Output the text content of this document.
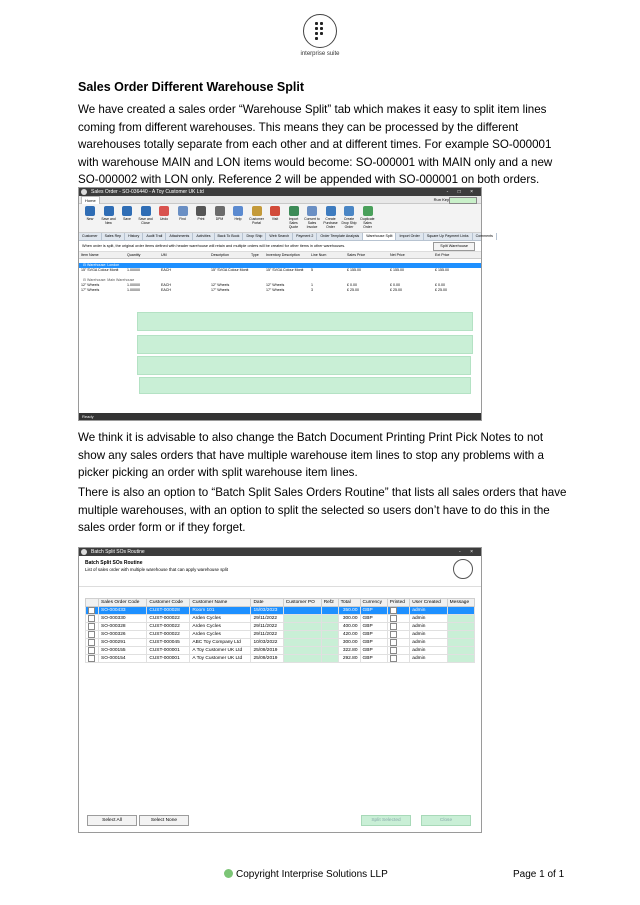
interprise suite
Sales Order Different Warehouse Split

We have created a sales order “Warehouse Split” tab which makes it easy to split item lines coming from different warehouses. This means they can be processed by the different warehouses totally separate from each other and at different times. For example SO-000001 with warehouse MAIN and LON items would become: SO-000001 with MAIN only and a new SO-000002 with LON only. Reference 2 will be appended with SO-000001 on both orders.

Sales Order - SO-036440 - A Toy Customer UK Ltd	- □ ×
Home	Run Key
New	Save and New
Save	Save and Close
Undo	Find	Print	DPM	Help	Customer Portal
Visit	Import Sales Quote
Convert to Sales Invoice
Create Purchase Order
Create Drop Ship Order
Duplicate Sales Order
Customer Sales Rep History Audit Trail Attachments Activities Back To Book Drop Ship Web Search Payment 2 Order Template Analysis Warehouse Split Import Order Square Up Payment Links Comments
When order is split, the original order items defined with header warehouse will retain and multiple orders will be created for other items in other warehouses.	Split Warehouse
Item Name	Quantity	UM	Description	Type Inventory Description	Line Num	Sales Price	Net Price	Ext Price
⊟ Warehouse: London
15" SVGA Colour Monit 1.00000	EACH	15" SVGA Colour Monit	15" SVGA Colour Monit 5	£ 155.00	£ 155.00	£ 155.00
⊟ Warehouse: Main Warehouse
12" Wheels	1.00000	EACH	12" Wheels	12" Wheels	1	£ 0.00	£ 0.00	£ 0.00
17" Wheels	1.00000	EACH	17" Wheels	17" Wheels	3	£ 25.00	£ 25.00	£ 25.00
Ready

We think it is advisable to also change the Batch Document Printing Print Pick Notes to not show any sales orders that have multiple warehouse item lines to stop any problems with a picker picking an order with split warehouse item lines.

There is also an option to “Batch Split Sales Orders Routine” that lists all sales orders that have multiple warehouses, with an option to split the selected so users don’t have to do this in the sales order form or if they forget.

Batch Split SOs Routine	- ×
Batch Split SOs Routine
List of sales order with multiple warehouse that can apply warehouse split
	Sales Order Code	Customer Code	Customer Name	Date	Customer PO	Ref2	Total	Currency	Printed	User Created	Message
	SO-000433	CUST-000028	Room 101	15/03/2023			350.00	GBP		admin	
	SO-000330	CUST-000022	Arden Cycles	29/11/2022			300.00	GBP		admin	
	SO-000328	CUST-000022	Arden Cycles	29/11/2022			400.00	GBP		admin	
	SO-000326	CUST-000022	Arden Cycles	29/11/2022			420.00	GBP		admin	
	SO-000291	CUST-000045	ABC Toy Company Ltd	10/03/2022			300.00	GBP		admin	
	SO-000155	CUST-000001	A Toy Customer UK Ltd	25/09/2019			322.80	GBP		admin	
	SO-000154	CUST-000001	A Toy Customer UK Ltd	25/09/2019			292.80	GBP		admin	
Select All	Select None	Split Selected	Close
Copyright Interprise Solutions LLP	Page 1 of 1
